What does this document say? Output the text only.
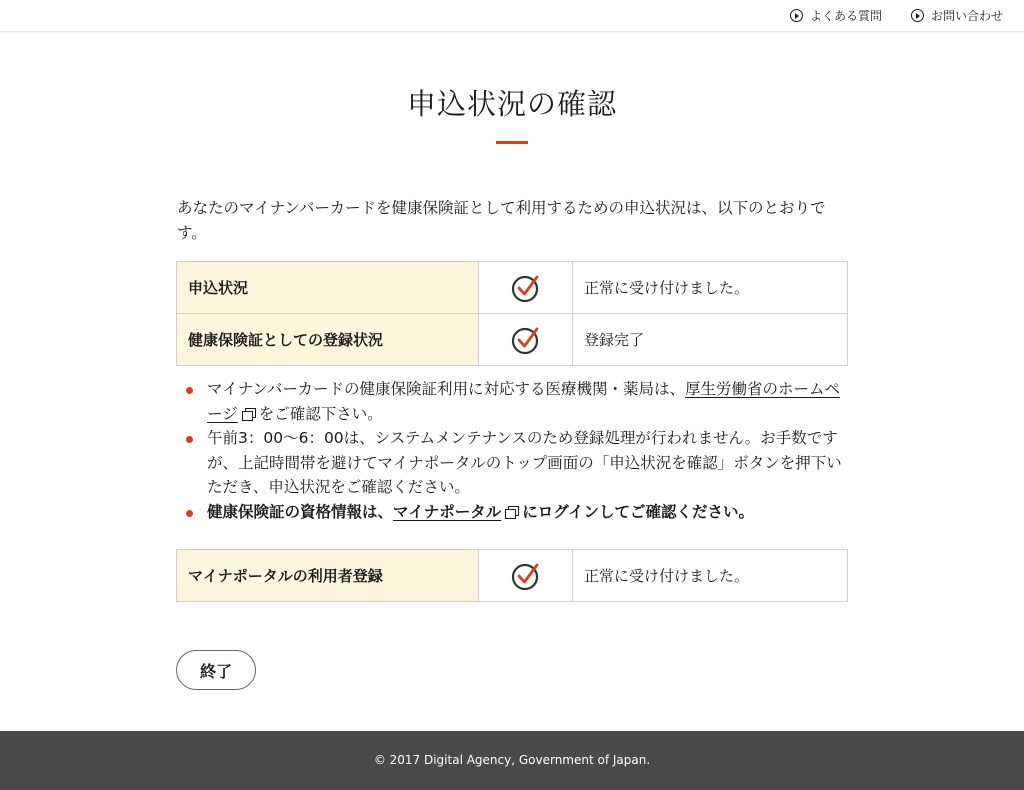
よくある質問	お問い合わせ
申込状況の確認

あなたのマイナンバーカードを健康保険証として利用するための申込状況は、以下のとおりです。

申込状況		正常に受け付けました。
健康保険証としての登録状況		登録完了
マイナンバーカードの健康保険証利用に対応する医療機関・薬局は、厚生労働省のホームページ をご確認下さい。
午前3：00〜6：00は、システムメンテナンスのため登録処理が行われません。お手数ですが、上記時間帯を避けてマイナポータルのトップ画面の「申込状況を確認」ボタンを押下いただき、申込状況をご確認ください。
健康保険証の資格情報は、マイナポータル にログインしてご確認ください。
マイナポータルの利用者登録		正常に受け付けました。
終了
© 2017 Digital Agency, Government of Japan.
